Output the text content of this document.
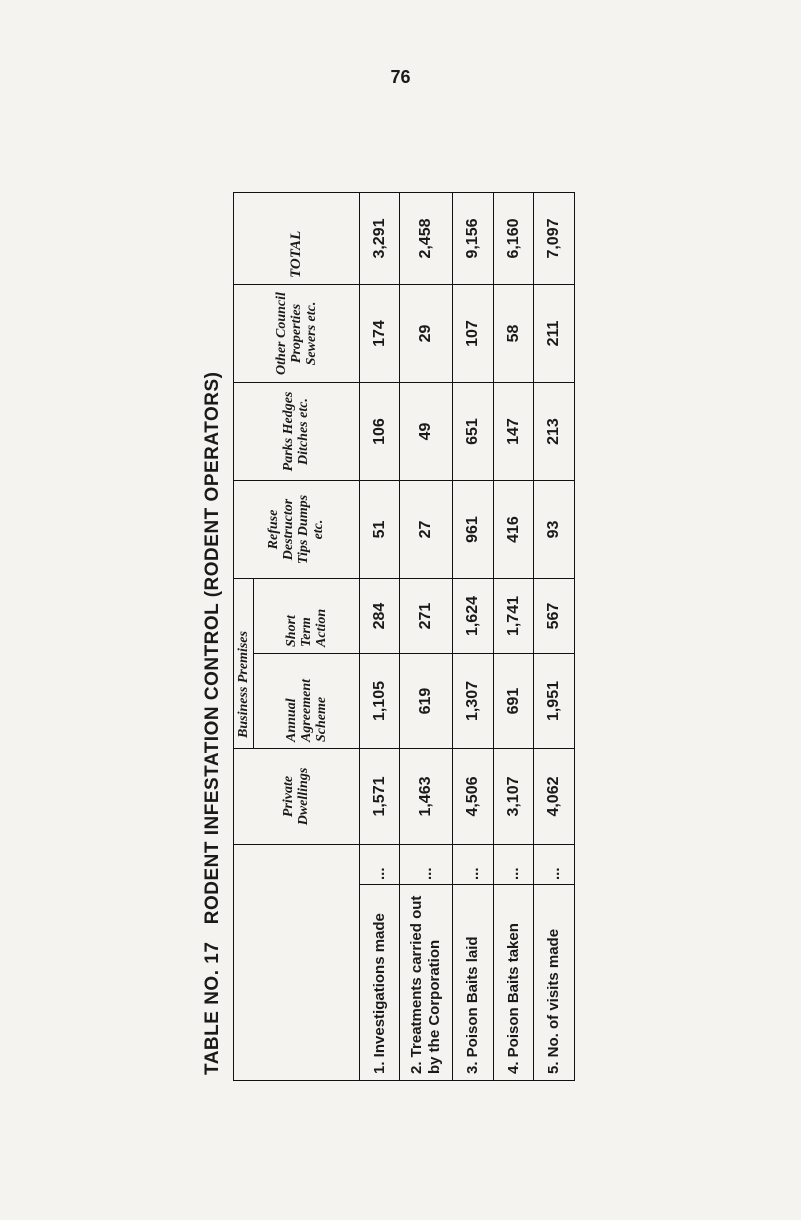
76
TABLE NO. 17   RODENT INFESTATION CONTROL (RODENT OPERATORS)
		Private Dwellings	Business Premises		Refuse Destructor Tips Dumps etc.	Parks Hedges Ditches etc.	Other Council Properties Sewers etc.	TOTAL
			Annual Agreement Scheme	Short Term Action				
1. Investigations made	...	1,571	1,105	284	51	106	174	3,291
2. Treatments carried out by the Corporation	...	1,463	619	271	27	49	29	2,458
3. Poison Baits laid	...	4,506	1,307	1,624	961	651	107	9,156
4. Poison Baits taken	...	3,107	691	1,741	416	147	58	6,160
5. No. of visits made	...	4,062	1,951	567	93	213	211	7,097
